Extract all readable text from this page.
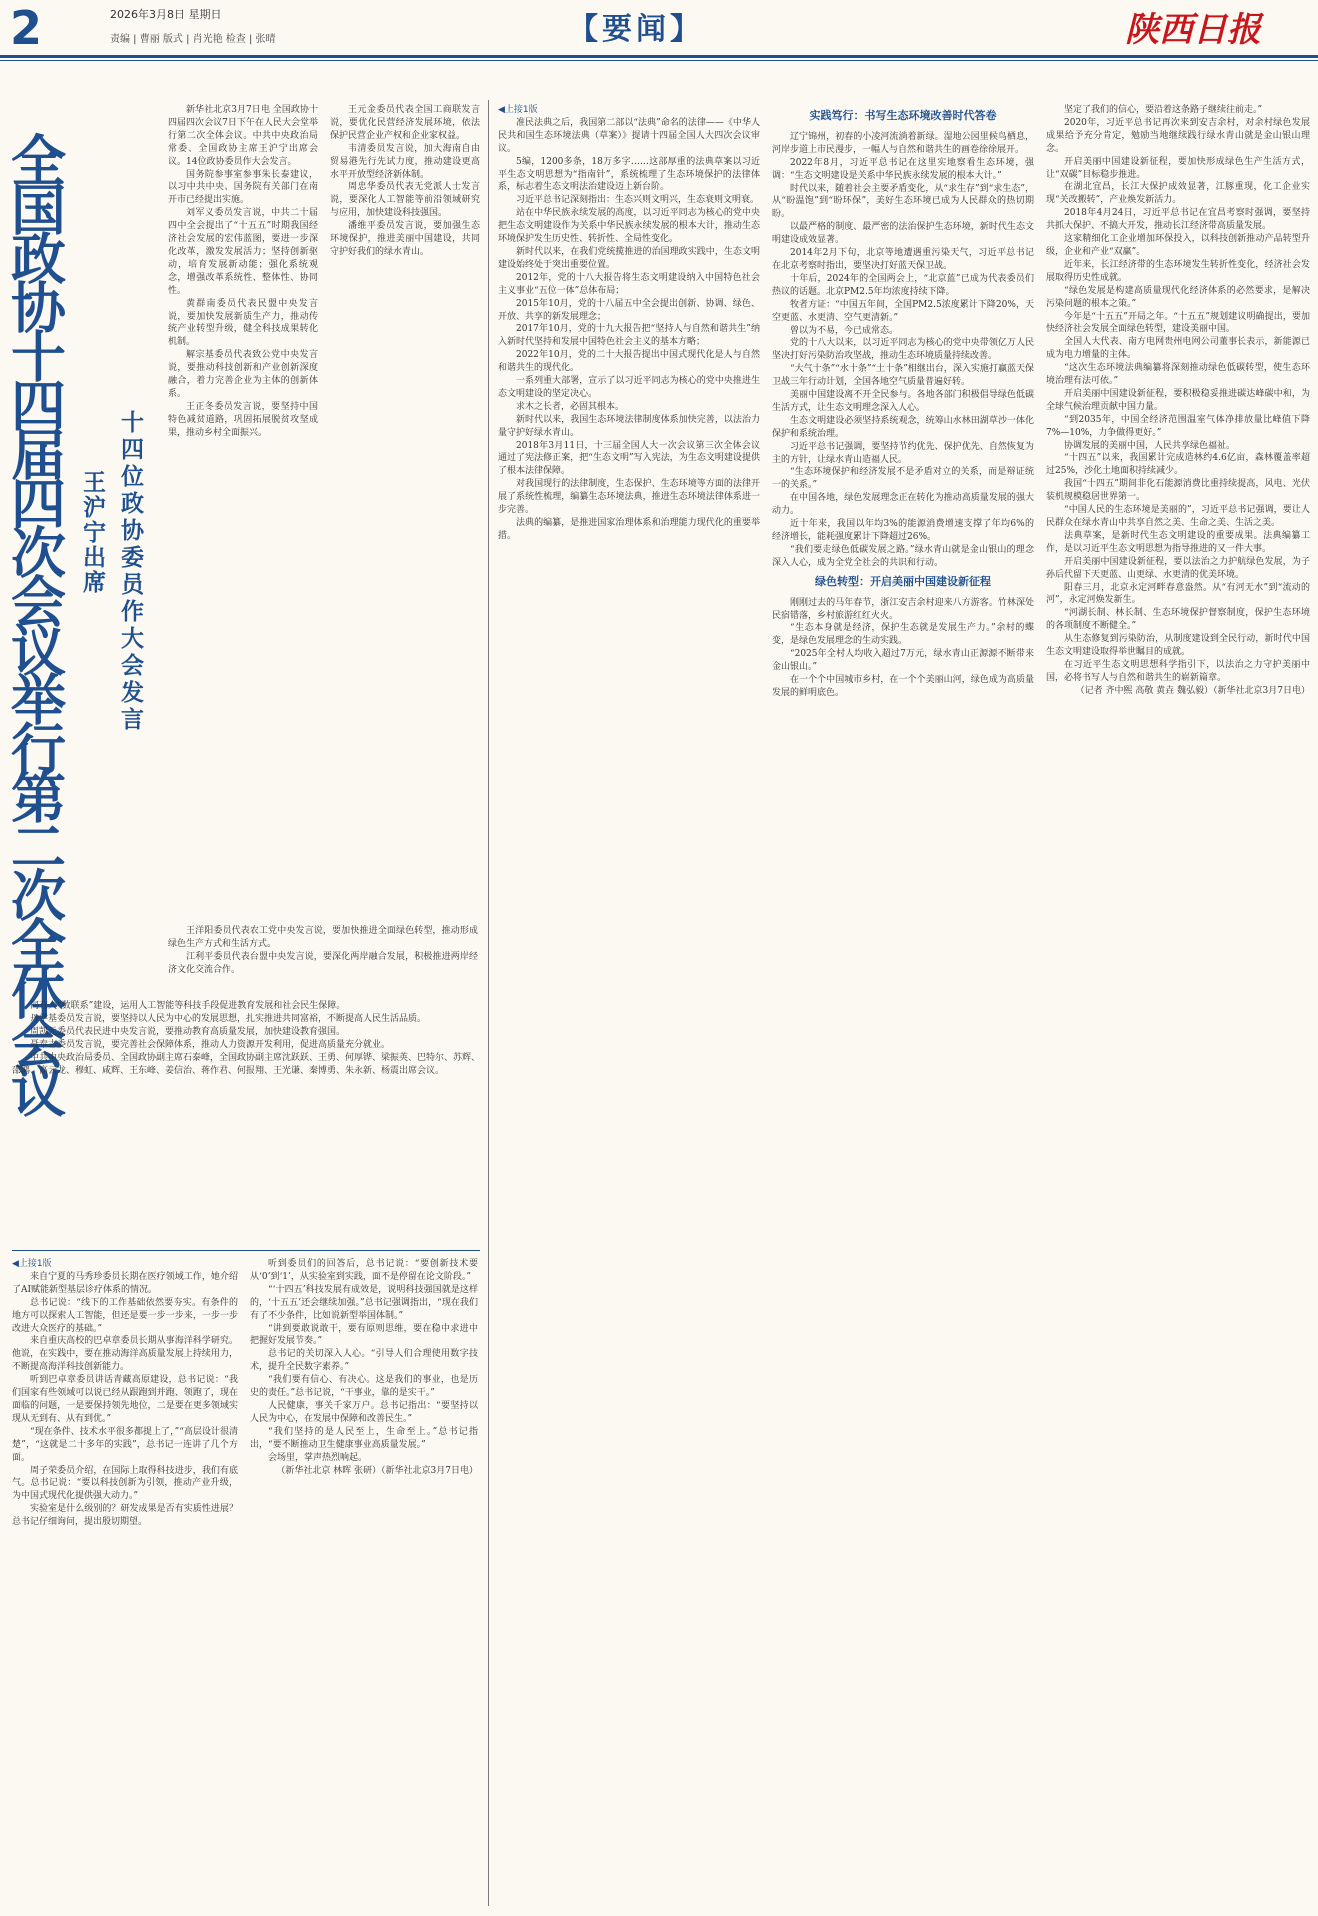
2	2026年3月8日 星期日
责编 | 曹丽 版式 | 肖光艳 检查 | 张晴	【要闻】	陕西日报
全国政协十四届四次会议举行第二次全体会议 王沪宁出席 十四位政协委员作大会发言

新华社北京3月7日电 全国政协十四届四次会议7日下午在人民大会堂举行第二次全体会议。中共中央政治局常委、全国政协主席王沪宁出席会议。14位政协委员作大会发言。

国务院参事室参事朱长泰建议，以习中共中央、国务院有关部门在南开市已经提出实施。

刘军义委员发言说，中共二十届四中全会提出了“十五五”时期我国经济社会发展的宏伟蓝图，要进一步深化改革，激发发展活力；坚持创新驱动，培育发展新动能；强化系统观念，增强改革系统性、整体性、协同性。

黄群南委员代表民盟中央发言说，要加快发展新质生产力，推动传统产业转型升级，健全科技成果转化机制。

解宗基委员代表致公党中央发言说，要推动科技创新和产业创新深度融合，着力完善企业为主体的创新体系。

王正冬委员发言说，要坚持中国特色减贫道路，巩固拓展脱贫攻坚成果，推动乡村全面振兴。

王洋阳委员代表农工党中央发言说，要加快推进全面绿色转型，推动形成绿色生产方式和生活方式。

江利平委员代表台盟中央发言说，要深化两岸融合发展，积极推进两岸经济文化交流合作。

王元金委员代表全国工商联发言说，要优化民营经济发展环境，依法保护民营企业产权和企业家权益。

韦清委员发言说，加大海南自由贸易港先行先试力度，推动建设更高水平开放型经济新体制。

周忠华委员代表无党派人士发言说，要深化人工智能等前沿领域研究与应用，加快建设科技强国。

潘维平委员发言说，要加强生态环境保护，推进美丽中国建设，共同守护好我们的绿水青山。

同有人“数联系”建设，运用人工智能等科技手段促进教育发展和社会民生保障。

丹学基委员发言说，要坚持以人民为中心的发展思想，扎实推进共同富裕，不断提高人民生活品质。

周凯元委员代表民进中央发言说，要推动教育高质量发展，加快建设教育强国。

聂奉志委员发言说，要完善社会保障体系，推动人力资源开发利用，促进高质量充分就业。

中共中央政治局委员、全国政协副主席石泰峰，全国政协副主席沈跃跃、王勇、何厚铧、梁振英、巴特尔、苏辉、邵鸿、高云龙、穆虹、咸辉、王东峰、姜信治、蒋作君、何报翔、王光谦、秦博勇、朱永新、杨震出席会议。

◀上接1版

来自宁夏的马秀珍委员长期在医疗领域工作，她介绍了AI赋能新型基层诊疗体系的情况。

总书记说：“线下的工作基础依然要夯实。有条件的地方可以探索人工智能，但还是要一步一步来，一步一步改进大众医疗的基础。”

来自重庆高校的巴卓章委员长期从事海洋科学研究。他说，在实践中，要在推动海洋高质量发展上持续用力，不断提高海洋科技创新能力。

听到巴卓章委员讲话青藏高原建设，总书记说：“我们国家有些领域可以说已经从跟跑到并跑、领跑了，现在面临的问题，一是要保持领先地位，二是要在更多领域实现从无到有、从有到优。”

“现在条件、技术水平很多都提上了，”“高层设计很清楚”，“这就是二十多年的实践”，总书记一连讲了几个方面。

周子荣委员介绍，在国际上取得科技进步，我们有底气。总书记说：“要以科技创新为引领，推动产业升级，为中国式现代化提供强大动力。”

实验室是什么级别的？研发成果是否有实质性进展？总书记仔细询问，提出殷切期望。

听到委员们的回答后，总书记说：“要创新技术要从‘0’到‘1’，从实验室到实践，面不是停留在论文阶段。”

“‘十四五’科技发展有成效是，说明科技强国就是这样的，‘十五五’还会继续加强。”总书记强调指出，“现在我们有了不少条件，比如说新型举国体制。”

“讲到要敢说敢干，要有原则思维，要在稳中求进中把握好发展节奏。”

总书记的关切深入人心。“引导人们合理使用数字技术，提升全民数字素养。”

“我们要有信心、有决心。这是我们的事业，也是历史的责任。”总书记说，“干事业，靠的是实干。”

人民健康，事关千家万户。总书记指出：“要坚持以人民为中心，在发展中保障和改善民生。”

“我们坚持的是人民至上，生命至上。”总书记指出，“要不断推动卫生健康事业高质量发展。”

会场里，掌声热烈响起。

（新华社北京 林晖 张研）（新华社北京3月7日电）

◀上接1版

准民法典之后，我国第二部以“法典”命名的法律——《中华人民共和国生态环境法典（草案）》提请十四届全国人大四次会议审议。

5编，1200多条，18万多字……这部厚重的法典草案以习近平生态文明思想为“指南针”，系统梳理了生态环境保护的法律体系，标志着生态文明法治建设迈上新台阶。

习近平总书记深刻指出：生态兴则文明兴，生态衰则文明衰。

站在中华民族永续发展的高度，以习近平同志为核心的党中央把生态文明建设作为关系中华民族永续发展的根本大计，推动生态环境保护发生历史性、转折性、全局性变化。

新时代以来，在我们党统揽推进的治国理政实践中，生态文明建设始终处于突出重要位置。

2012年，党的十八大报告将生态文明建设纳入中国特色社会主义事业“五位一体”总体布局；

2015年10月，党的十八届五中全会提出创新、协调、绿色、开放、共享的新发展理念；

2017年10月，党的十九大报告把“坚持人与自然和谐共生”纳入新时代坚持和发展中国特色社会主义的基本方略；

2022年10月，党的二十大报告提出中国式现代化是人与自然和谐共生的现代化。

一系列重大部署，宣示了以习近平同志为核心的党中央推进生态文明建设的坚定决心。

求木之长者，必固其根本。

新时代以来，我国生态环境法律制度体系加快完善，以法治力量守护好绿水青山。

2018年3月11日，十三届全国人大一次会议第三次全体会议通过了宪法修正案，把“生态文明”写入宪法，为生态文明建设提供了根本法律保障。

对我国现行的法律制度，生态保护、生态环境等方面的法律开展了系统性梳理，编纂生态环境法典，推进生态环境法律体系进一步完善。

法典的编纂，是推进国家治理体系和治理能力现代化的重要举措。

实践笃行：书写生态环境改善时代答卷

辽宁锦州，初春的小凌河流淌着新绿。湿地公园里候鸟栖息，河岸步道上市民漫步，一幅人与自然和谐共生的画卷徐徐展开。

2022年8月，习近平总书记在这里实地察看生态环境，强调：“生态文明建设是关系中华民族永续发展的根本大计。”

时代以来，随着社会主要矛盾变化，从“求生存”到“求生态”，从“盼温饱”到“盼环保”，美好生态环境已成为人民群众的热切期盼。

以最严格的制度、最严密的法治保护生态环境，新时代生态文明建设成效显著。

2014年2月下旬，北京等地遭遇重污染天气，习近平总书记在北京考察时指出，要坚决打好蓝天保卫战。

十年后，2024年的全国两会上，“北京蓝”已成为代表委员们热议的话题。北京PM2.5年均浓度持续下降。

牧者方证：“中国五年间，全国PM2.5浓度累计下降20%，天空更蓝、水更清、空气更清新。”

曾以为不易，今已成常态。

党的十八大以来，以习近平同志为核心的党中央带领亿万人民坚决打好污染防治攻坚战，推动生态环境质量持续改善。

“大气十条”“水十条”“土十条”相继出台，深入实施打赢蓝天保卫战三年行动计划，全国各地空气质量普遍好转。

美丽中国建设离不开全民参与。各地各部门积极倡导绿色低碳生活方式，让生态文明理念深入人心。

生态文明建设必须坚持系统观念，统筹山水林田湖草沙一体化保护和系统治理。

习近平总书记强调，要坚持节约优先、保护优先、自然恢复为主的方针，让绿水青山造福人民。

“生态环境保护和经济发展不是矛盾对立的关系，而是辩证统一的关系。”

在中国各地，绿色发展理念正在转化为推动高质量发展的强大动力。

近十年来，我国以年均3%的能源消费增速支撑了年均6%的经济增长，能耗强度累计下降超过26%。

“我们要走绿色低碳发展之路。”绿水青山就是金山银山的理念深入人心，成为全党全社会的共识和行动。

绿色转型：开启美丽中国建设新征程

刚刚过去的马年春节，浙江安吉余村迎来八方游客。竹林深处民宿错落，乡村旅游红红火火。

“生态本身就是经济，保护生态就是发展生产力。”余村的蝶变，是绿色发展理念的生动实践。

“2025年全村人均收入超过7万元，绿水青山正源源不断带来金山银山。”

在一个个中国城市乡村，在一个个美丽山河，绿色成为高质量发展的鲜明底色。

坚定了我们的信心，要沿着这条路子继续往前走。”

2020年，习近平总书记再次来到安吉余村，对余村绿色发展成果给予充分肯定，勉励当地继续践行绿水青山就是金山银山理念。

开启美丽中国建设新征程，要加快形成绿色生产生活方式，让“双碳”目标稳步推进。

在湖北宜昌，长江大保护成效显著，江豚重现，化工企业实现“关改搬转”，产业焕发新活力。

2018年4月24日，习近平总书记在宜昌考察时强调，要坚持共抓大保护、不搞大开发，推动长江经济带高质量发展。

这家精细化工企业增加环保投入，以科技创新推动产品转型升级，企业和产业“双赢”。

近年来，长江经济带的生态环境发生转折性变化，经济社会发展取得历史性成就。

“绿色发展是构建高质量现代化经济体系的必然要求，是解决污染问题的根本之策。”

今年是“十五五”开局之年。“十五五”规划建议明确提出，要加快经济社会发展全面绿色转型，建设美丽中国。

全国人大代表、南方电网贵州电网公司董事长表示，新能源已成为电力增量的主体。

“这次生态环境法典编纂将深刻推动绿色低碳转型，使生态环境治理有法可依。”

开启美丽中国建设新征程，要积极稳妥推进碳达峰碳中和，为全球气候治理贡献中国力量。

“到2035年，中国全经济范围温室气体净排放量比峰值下降7%—10%，力争做得更好。”

协调发展的美丽中国，人民共享绿色福祉。

“十四五”以来，我国累计完成造林约4.6亿亩，森林覆盖率超过25%，沙化土地面积持续减少。

我国“十四五”期间非化石能源消费比重持续提高，风电、光伏装机规模稳居世界第一。

“中国人民的生态环境是美丽的”，习近平总书记强调，要让人民群众在绿水青山中共享自然之美、生命之美、生活之美。

法典草案，是新时代生态文明建设的重要成果。法典编纂工作，是以习近平生态文明思想为指导推进的又一件大事。

开启美丽中国建设新征程，要以法治之力护航绿色发展，为子孙后代留下天更蓝、山更绿、水更清的优美环境。

阳春三月，北京永定河畔春意盎然。从“有河无水”到“流动的河”，永定河焕发新生。

“河湖长制、林长制、生态环境保护督察制度，保护生态环境的各项制度不断健全。”

从生态修复到污染防治，从制度建设到全民行动，新时代中国生态文明建设取得举世瞩目的成就。

在习近平生态文明思想科学指引下，以法治之力守护美丽中国，必将书写人与自然和谐共生的崭新篇章。

（记者 齐中熙 高敬 黄垚 魏弘毅）（新华社北京3月7日电）
